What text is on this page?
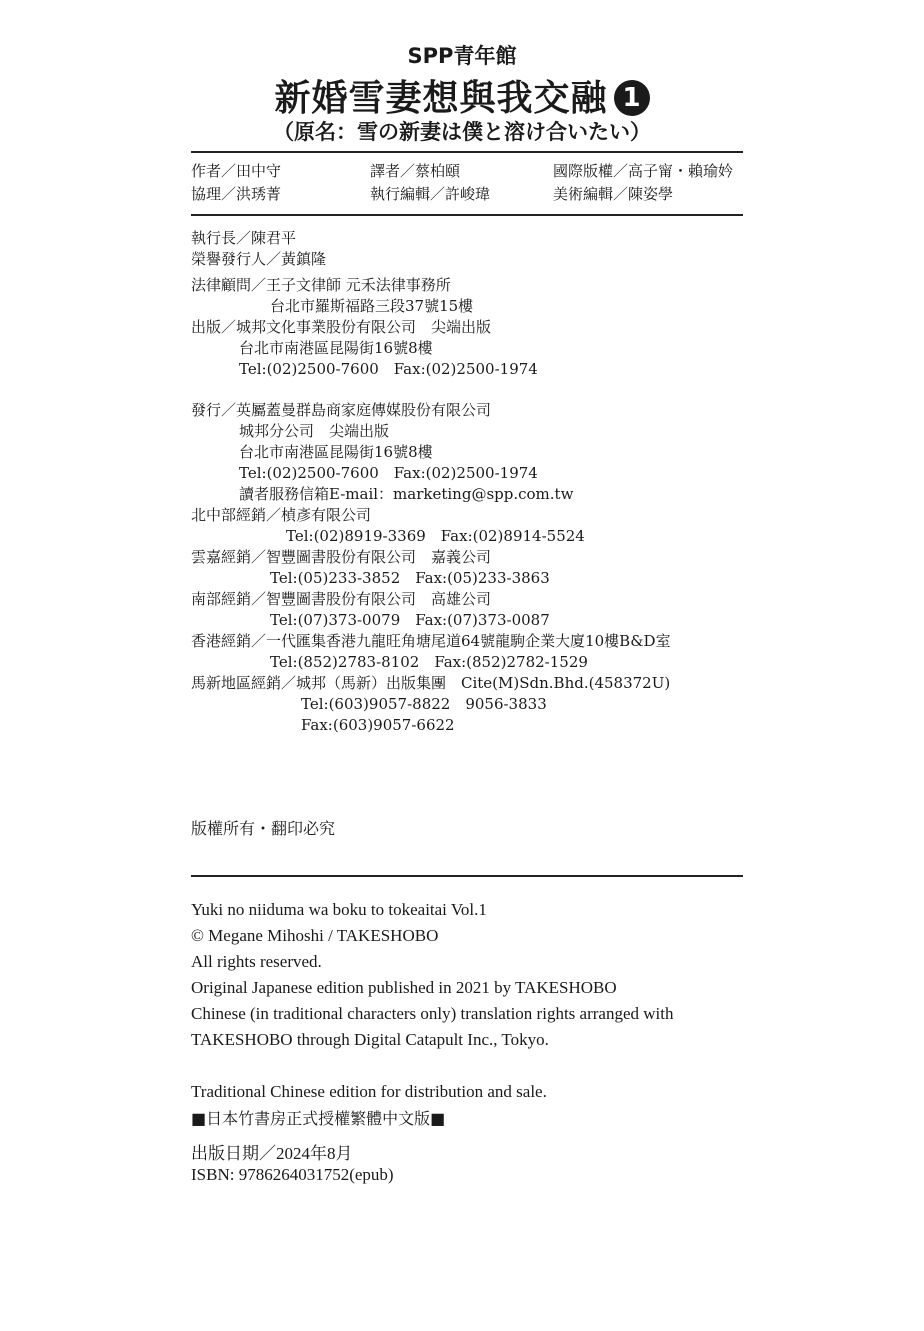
SPP青年館
新婚雪妻想與我交融 1
（原名：雪の新妻は僕と溶け合いたい）
作者／田中守	譯者／蔡柏頤	國際版權／高子甯・賴瑜妗
協理／洪琇菁	執行編輯／許峻瑋	美術編輯／陳姿學
執行長／陳君平
榮譽發行人／黃鎮隆
法律顧問／王子文律師 元禾法律事務所
台北市羅斯福路三段37號15樓
出版／城邦文化事業股份有限公司　尖端出版
台北市南港區昆陽街16號8樓
Tel:(02)2500-7600　Fax:(02)2500-1974
發行／英屬蓋曼群島商家庭傳媒股份有限公司
城邦分公司　尖端出版
台北市南港區昆陽街16號8樓
Tel:(02)2500-7600　Fax:(02)2500-1974
讀者服務信箱E-mail：marketing@spp.com.tw
北中部經銷／楨彥有限公司
Tel:(02)8919-3369　Fax:(02)8914-5524
雲嘉經銷／智豐圖書股份有限公司　嘉義公司
Tel:(05)233-3852　Fax:(05)233-3863
南部經銷／智豐圖書股份有限公司　高雄公司
Tel:(07)373-0079　Fax:(07)373-0087
香港經銷／一代匯集香港九龍旺角塘尾道64號龍駒企業大廈10樓B&D室
Tel:(852)2783-8102　Fax:(852)2782-1529
馬新地區經銷／城邦（馬新）出版集團　Cite(M)Sdn.Bhd.(458372U)
Tel:(603)9057-8822　9056-3833
Fax:(603)9057-6622
版權所有・翻印必究
Yuki no niiduma wa boku to tokeaitai Vol.1
© Megane Mihoshi / TAKESHOBO
All rights reserved.
Original Japanese edition published in 2021 by TAKESHOBO
Chinese (in traditional characters only) translation rights arranged with
TAKESHOBO through Digital Catapult Inc., Tokyo.
Traditional Chinese edition for distribution and sale.
■日本竹書房正式授權繁體中文版■
出版日期／2024年8月
ISBN: 9786264031752(epub)
